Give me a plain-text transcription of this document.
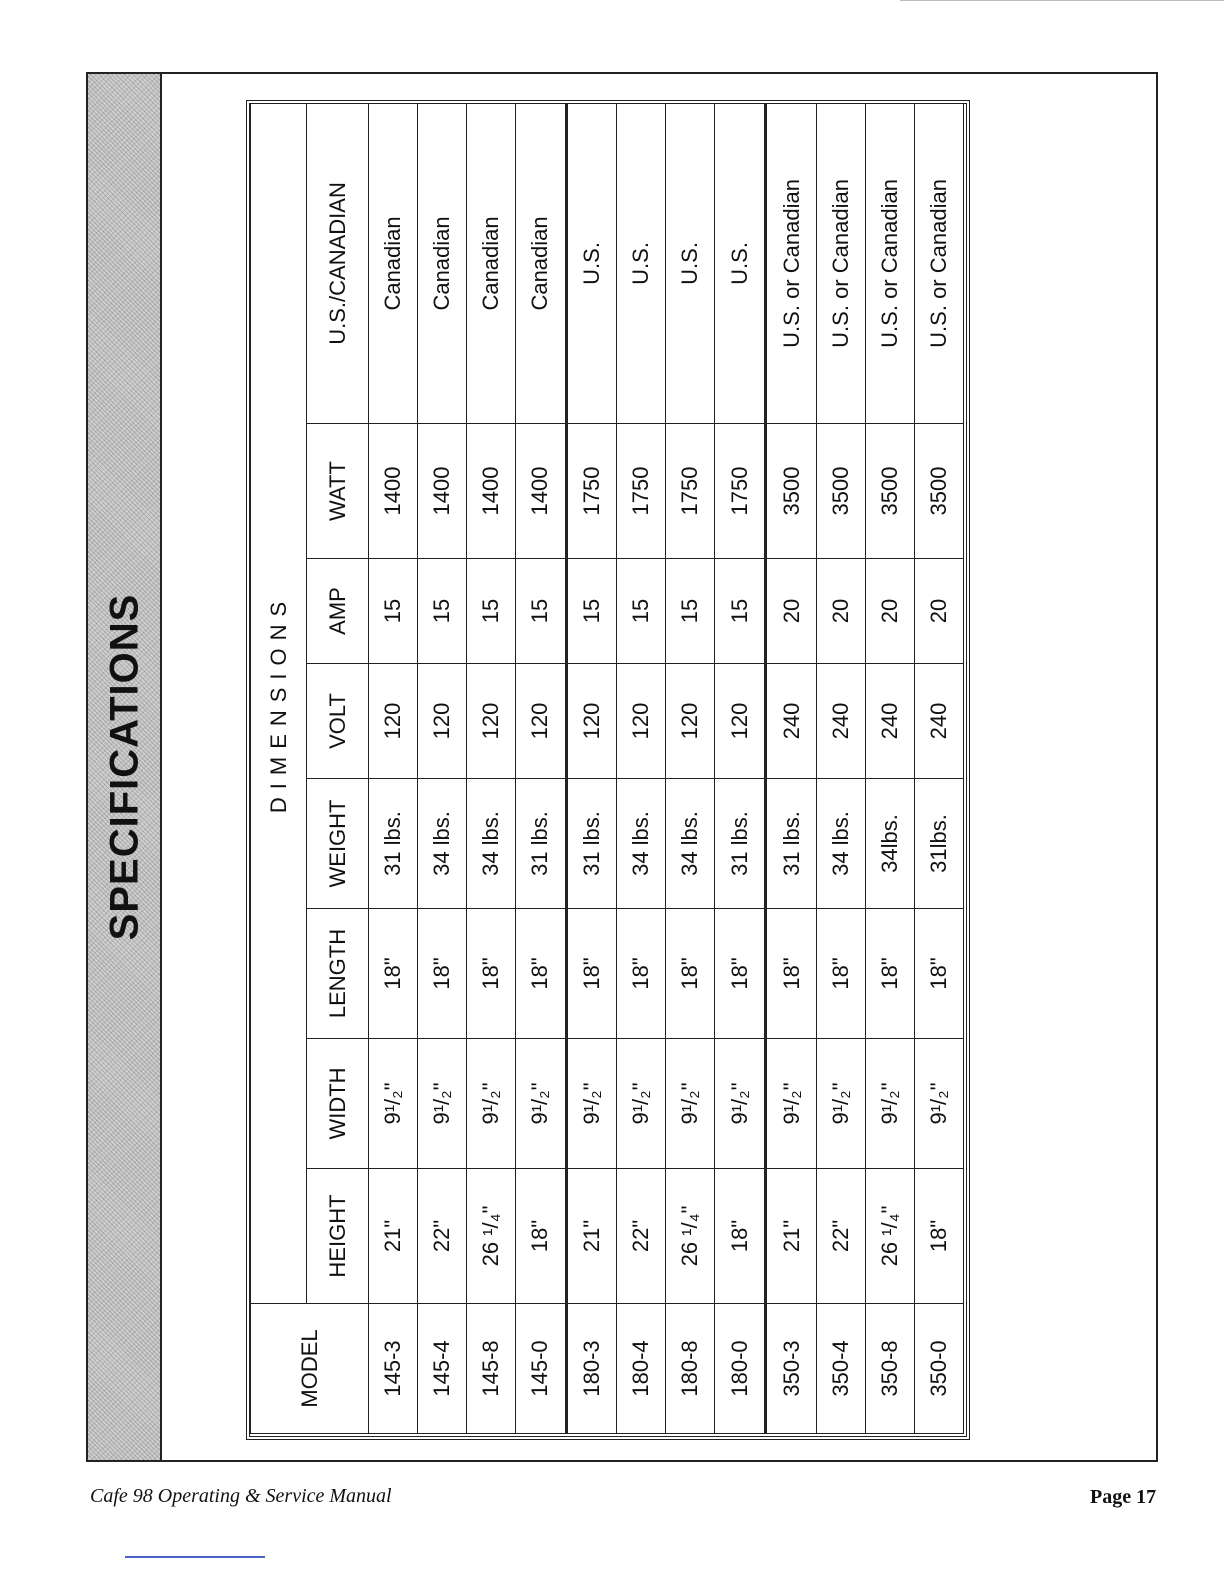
SPECIFICATIONS
MODEL	DIMENSIONS							
	HEIGHT	WIDTH	LENGTH	WEIGHT	VOLT	AMP	WATT	U.S./CANADIAN
145-3	21"	9¹/₂"	18"	31 lbs.	120	15	1400	Canadian
145-4	22"	9¹/₂"	18"	34 lbs.	120	15	1400	Canadian
145-8	26 ¹/₄"	9¹/₂"	18"	34 lbs.	120	15	1400	Canadian
145-0	18"	9¹/₂"	18"	31 lbs.	120	15	1400	Canadian
180-3	21"	9¹/₂"	18"	31 lbs.	120	15	1750	U.S.
180-4	22"	9¹/₂"	18"	34 lbs.	120	15	1750	U.S.
180-8	26 ¹/₄"	9¹/₂"	18"	34 lbs.	120	15	1750	U.S.
180-0	18"	9¹/₂"	18"	31 lbs.	120	15	1750	U.S.
350-3	21"	9¹/₂"	18"	31 lbs.	240	20	3500	U.S. or Canadian
350-4	22"	9¹/₂"	18"	34 lbs.	240	20	3500	U.S. or Canadian
350-8	26 ¹/₄"	9¹/₂"	18"	34lbs.	240	20	3500	U.S. or Canadian
350-0	18"	9¹/₂"	18"	31lbs.	240	20	3500	U.S. or Canadian
Cafe 98 Operating & Service Manual	Page 17
